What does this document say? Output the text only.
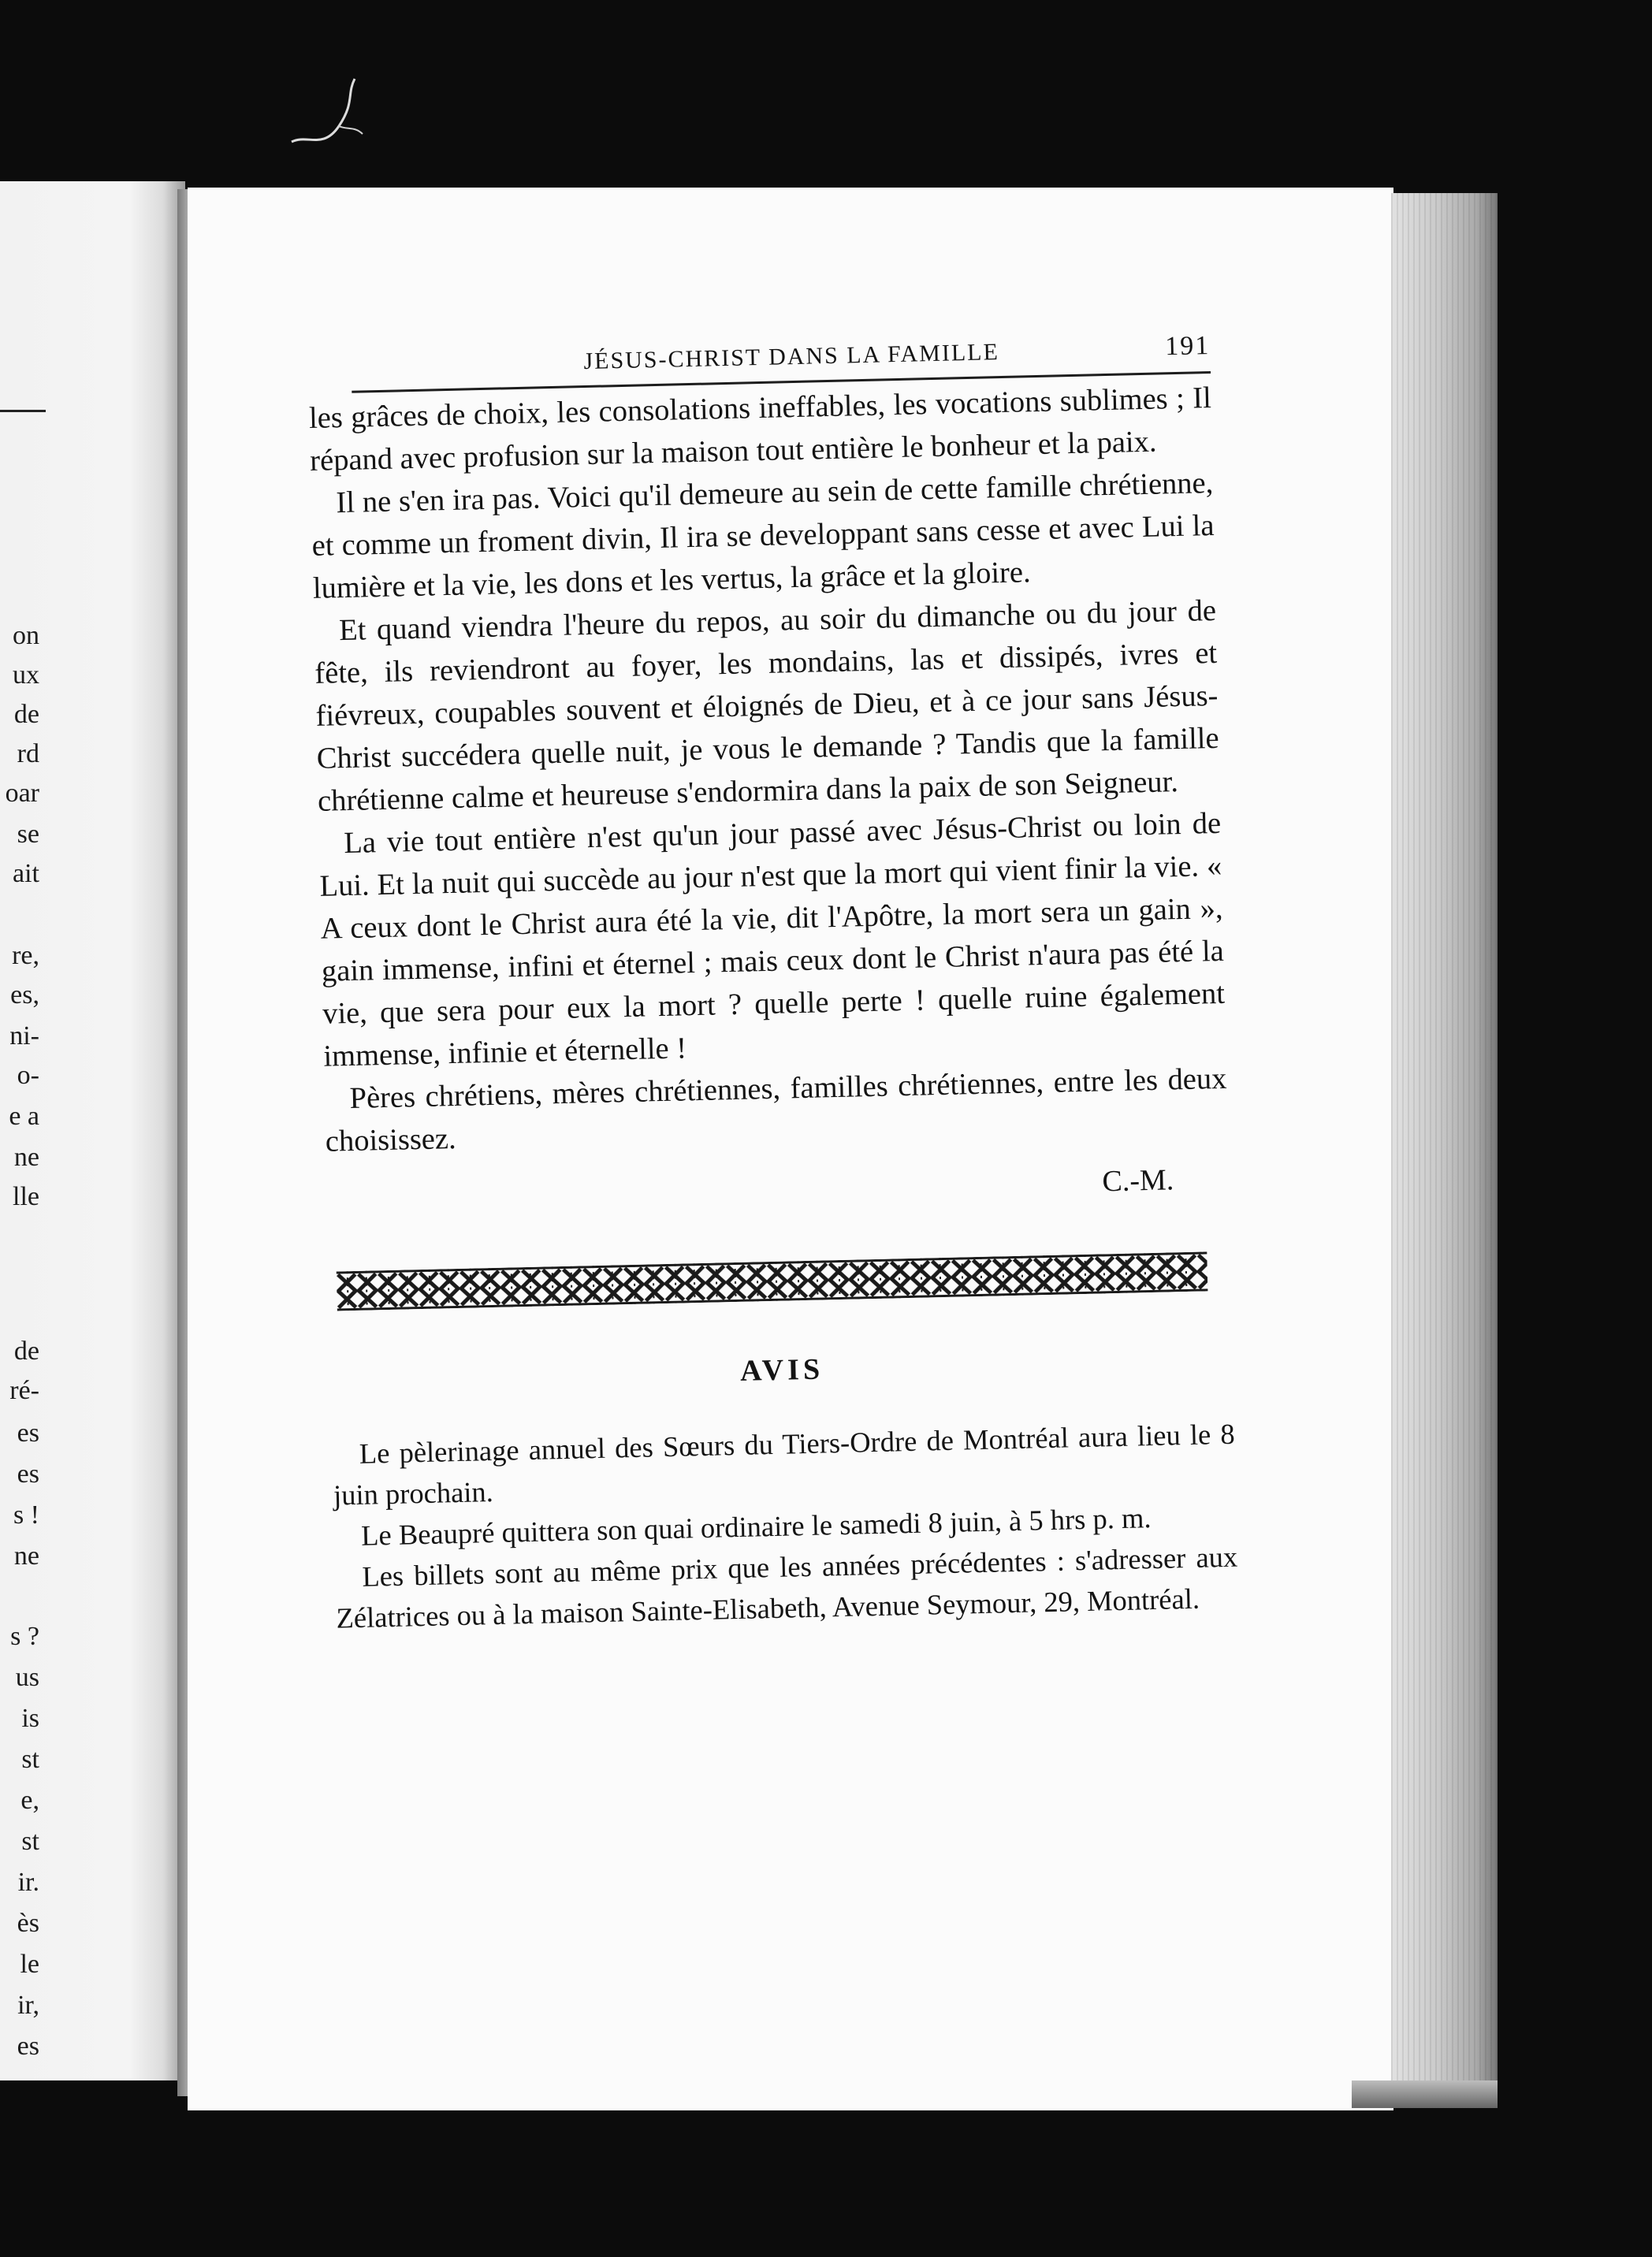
on
ux
de
rd
oar
se
ait
re,
es,
ni-
o-
e a
ne
lle
de
ré-
es
es
s !
ne
s ?
us
is
st
e,
st
ir.
ès
le
ir,
es
JÉSUS-CHRIST DANS LA FAMILLE	191

les grâces de choix, les consolations ineffables, les vocations sublimes ; Il répand avec profusion sur la maison tout entière le bonheur et la paix.

Il ne s'en ira pas. Voici qu'il demeure au sein de cette famille chrétienne, et comme un froment divin, Il ira se developpant sans cesse et avec Lui la lumière et la vie, les dons et les vertus, la grâce et la gloire.

Et quand viendra l'heure du repos, au soir du dimanche ou du jour de fête, ils reviendront au foyer, les mondains, las et dissipés, ivres et fiévreux, coupables souvent et éloignés de Dieu, et à ce jour sans Jésus-Christ succédera quelle nuit, je vous le demande ? Tandis que la famille chrétienne calme et heureuse s'endormira dans la paix de son Seigneur.

La vie tout entière n'est qu'un jour passé avec Jésus-Christ ou loin de Lui. Et la nuit qui succède au jour n'est que la mort qui vient finir la vie. « A ceux dont le Christ aura été la vie, dit l'Apôtre, la mort sera un gain », gain immense, infini et éternel ; mais ceux dont le Christ n'aura pas été la vie, que sera pour eux la mort ? quelle perte ! quelle ruine également immense, infinie et éternelle !

Pères chrétiens, mères chrétiennes, familles chrétiennes, entre les deux choisissez.

C.-M.
AVIS

Le pèlerinage annuel des Sœurs du Tiers-Ordre de Montréal aura lieu le 8 juin prochain.

Le Beaupré quittera son quai ordinaire le samedi 8 juin, à 5 hrs p. m.

Les billets sont au même prix que les années précédentes : s'adresser aux Zélatrices ou à la maison Sainte-Elisabeth, Avenue Seymour, 29, Montréal.
